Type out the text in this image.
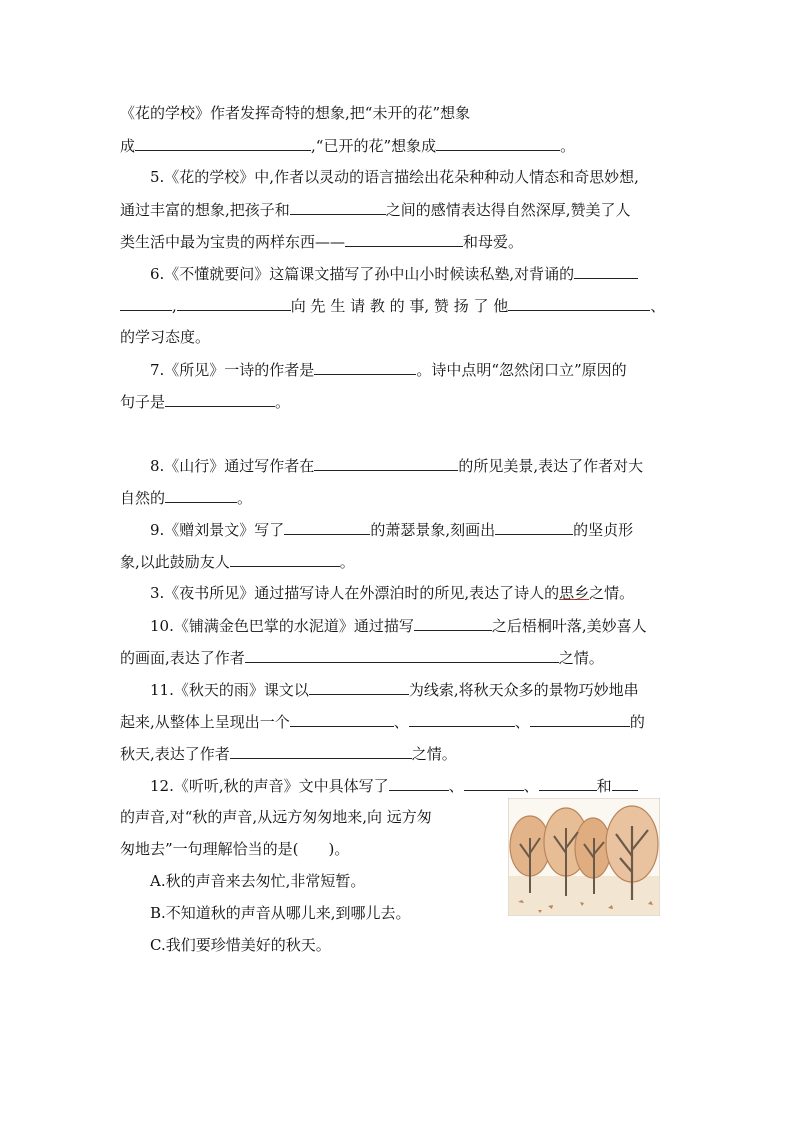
《花的学校》作者发挥奇特的想象,把“未开的花”想象
成	,“已开的花”想象成	。
5.《花的学校》中,作者以灵动的语言描绘出花朵种种动人情态和奇思妙想,
通过丰富的想象,把孩子和	之间的感情表达得自然深厚,赞美了人
类生活中最为宝贵的两样东西——	和母爱。
6.《不懂就要问》这篇课文描写了孙中山小时候读私塾,对背诵的
,	向 先 生 请 教 的 事, 赞 扬 了 他	、
的学习态度。
7.《所见》一诗的作者是	。诗中点明“忽然闭口立”原因的
句子是	。
8.《山行》通过写作者在	的所见美景,表达了作者对大
自然的	。
9.《赠刘景文》写了	的萧瑟景象,刻画出	的坚贞形
象,以此鼓励友人	。
3.《夜书所见》通过描写诗人在外漂泊时的所见,表达了诗人的思乡之情。
10.《铺满金色巴掌的水泥道》通过描写	之后梧桐叶落,美妙喜人
的画面,表达了作者	之情。
11.《秋天的雨》课文以	为线索,将秋天众多的景物巧妙地串
起来,从整体上呈现出一个	、	、	的
秋天,表达了作者	之情。
12.《听听,秋的声音》文中具体写了	、	、	和
的声音,对“秋的声音,从远方匆匆地来,向 远方匆
匆地去”一句理解恰当的是(　　)。
A.秋的声音来去匆忙,非常短暂。
B.不知道秋的声音从哪儿来,到哪儿去。
C.我们要珍惜美好的秋天。
